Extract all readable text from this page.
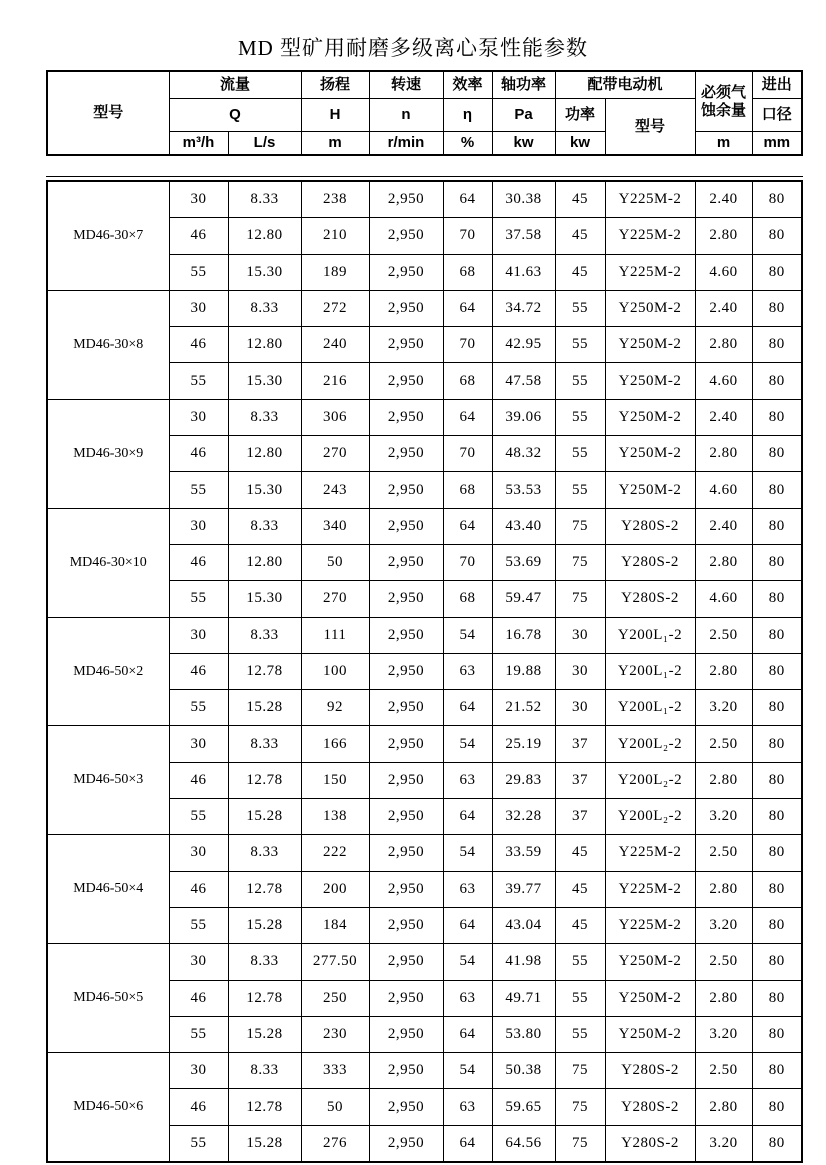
MD 型矿用耐磨多级离心泵性能参数
型号	流量		扬程	转速	效率	轴功率	配带电动机		必须气蚀余量	进出
	Q		H	n	η	Pa	功率	型号		口径
	m³/h	L/s	m	r/min	%	kw	kw		m	mm
MD46-30×7	30	8.33	238	2,950	64	30.38	45	Y225M-2	2.40	80
	46	12.80	210	2,950	70	37.58	45	Y225M-2	2.80	80
	55	15.30	189	2,950	68	41.63	45	Y225M-2	4.60	80
MD46-30×8	30	8.33	272	2,950	64	34.72	55	Y250M-2	2.40	80
	46	12.80	240	2,950	70	42.95	55	Y250M-2	2.80	80
	55	15.30	216	2,950	68	47.58	55	Y250M-2	4.60	80
MD46-30×9	30	8.33	306	2,950	64	39.06	55	Y250M-2	2.40	80
	46	12.80	270	2,950	70	48.32	55	Y250M-2	2.80	80
	55	15.30	243	2,950	68	53.53	55	Y250M-2	4.60	80
MD46-30×10	30	8.33	340	2,950	64	43.40	75	Y280S-2	2.40	80
	46	12.80	50	2,950	70	53.69	75	Y280S-2	2.80	80
	55	15.30	270	2,950	68	59.47	75	Y280S-2	4.60	80
MD46-50×2	30	8.33	111	2,950	54	16.78	30	Y200L₁-2	2.50	80
	46	12.78	100	2,950	63	19.88	30	Y200L₁-2	2.80	80
	55	15.28	92	2,950	64	21.52	30	Y200L₁-2	3.20	80
MD46-50×3	30	8.33	166	2,950	54	25.19	37	Y200L₂-2	2.50	80
	46	12.78	150	2,950	63	29.83	37	Y200L₂-2	2.80	80
	55	15.28	138	2,950	64	32.28	37	Y200L₂-2	3.20	80
MD46-50×4	30	8.33	222	2,950	54	33.59	45	Y225M-2	2.50	80
	46	12.78	200	2,950	63	39.77	45	Y225M-2	2.80	80
	55	15.28	184	2,950	64	43.04	45	Y225M-2	3.20	80
MD46-50×5	30	8.33	277.50	2,950	54	41.98	55	Y250M-2	2.50	80
	46	12.78	250	2,950	63	49.71	55	Y250M-2	2.80	80
	55	15.28	230	2,950	64	53.80	55	Y250M-2	3.20	80
MD46-50×6	30	8.33	333	2,950	54	50.38	75	Y280S-2	2.50	80
	46	12.78	50	2,950	63	59.65	75	Y280S-2	2.80	80
	55	15.28	276	2,950	64	64.56	75	Y280S-2	3.20	80
